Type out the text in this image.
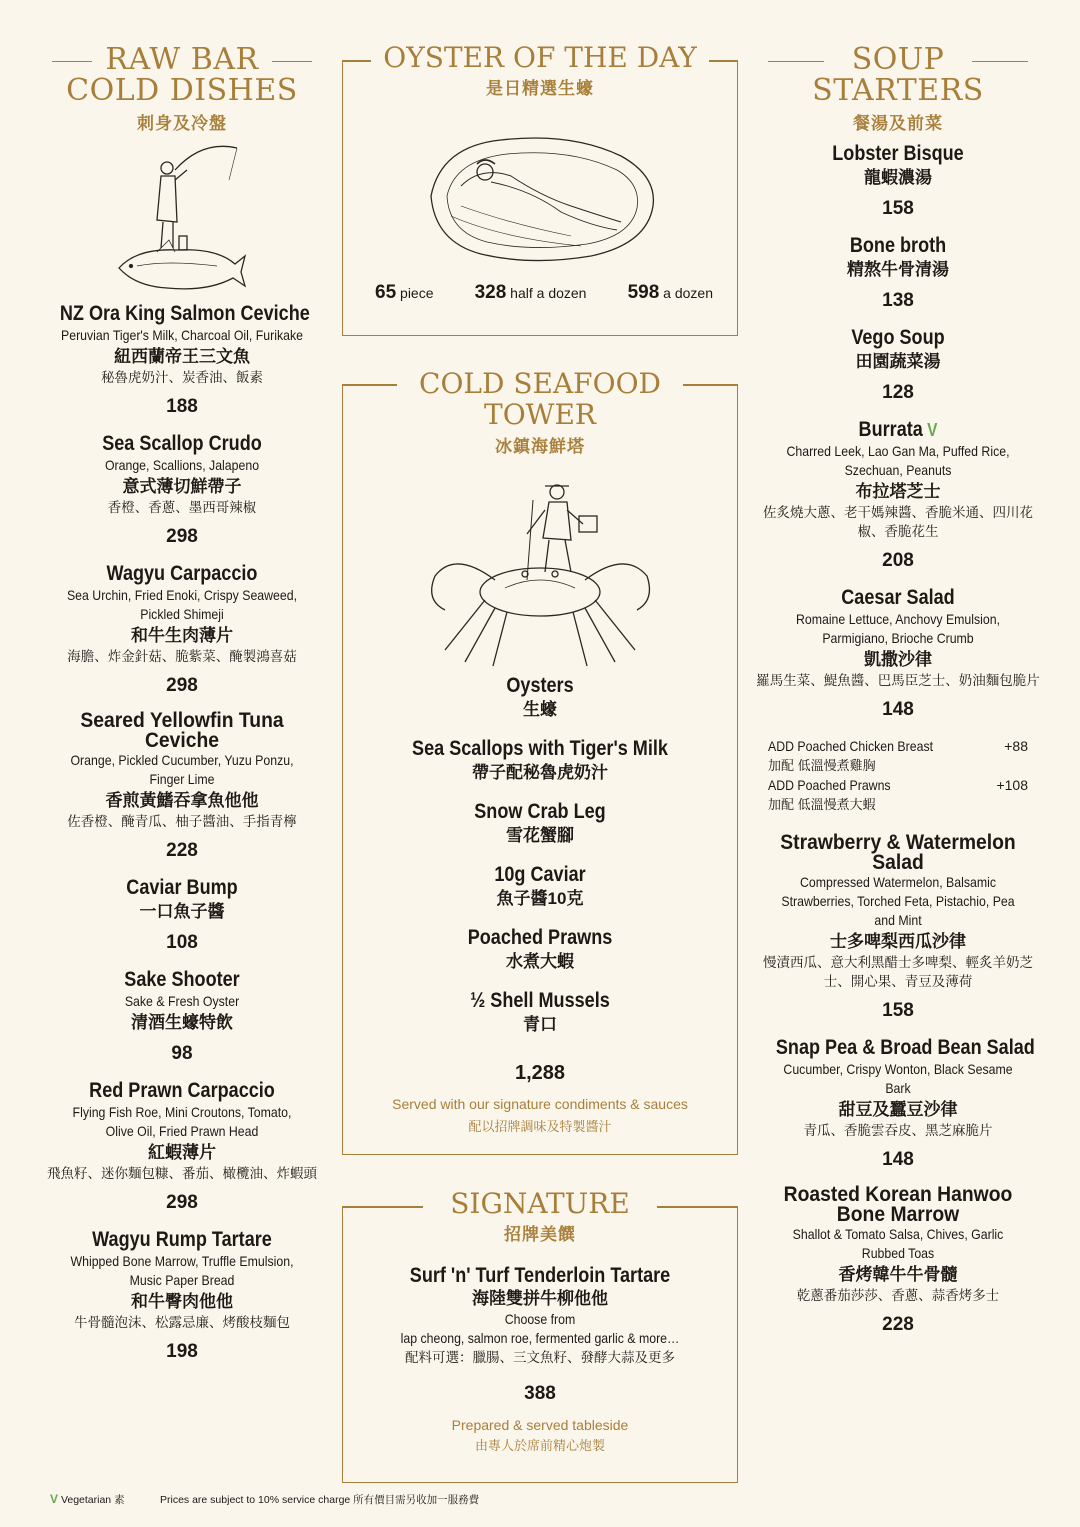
RAW BAR
COLD DISHES
刺身及冷盤
NZ Ora King Salmon Ceviche
Peruvian Tiger's Milk, Charcoal Oil, Furikake
紐西蘭帝王三文魚
秘魯虎奶汁、炭香油、飯素
188
Sea Scallop Crudo
Orange, Scallions, Jalapeno
意式薄切鮮帶子
香橙、香蔥、墨西哥辣椒
298
Wagyu Carpaccio
Sea Urchin, Fried Enoki, Crispy Seaweed, Pickled Shimeji
和牛生肉薄片
海膽、炸金針菇、脆紫菜、醃製鴻喜菇
298
Seared Yellowfin Tuna Ceviche
Orange, Pickled Cucumber, Yuzu Ponzu, Finger Lime
香煎黃鰭吞拿魚他他
佐香橙、醃青瓜、柚子醬油、手指青檸
228
Caviar Bump
一口魚子醬
108
Sake Shooter
Sake & Fresh Oyster
清酒生蠔特飲
98
Red Prawn Carpaccio
Flying Fish Roe, Mini Croutons, Tomato, Olive Oil, Fried Prawn Head
紅蝦薄片
飛魚籽、迷你麵包糠、番茄、橄欖油、炸蝦頭
298
Wagyu Rump Tartare
Whipped Bone Marrow, Truffle Emulsion, Music Paper Bread
和牛臀肉他他
牛骨髓泡沫、松露忌廉、烤酸枝麵包
198
OYSTER OF THE DAY
是日精選生蠔
65 piece 328 half a dozen 598 a dozen
COLD SEAFOOD
TOWER
冰鎮海鮮塔
Oysters
生蠔
Sea Scallops with Tiger's Milk
帶子配秘魯虎奶汁
Snow Crab Leg
雪花蟹腳
10g Caviar
魚子醬10克
Poached Prawns
水煮大蝦
½ Shell Mussels
青口
1,288
Served with our signature condiments & sauces
配以招牌調味及特製醬汁
SIGNATURE
招牌美饌
Surf 'n' Turf Tenderloin Tartare
海陸雙拼牛柳他他
Choose from
lap cheong, salmon roe, fermented garlic & more…
配料可選：臘腸、三文魚籽、發酵大蒜及更多
388
Prepared & served tableside
由專人於席前精心炮製
SOUP
STARTERS
餐湯及前菜
Lobster Bisque
龍蝦濃湯
158
Bone broth
精熬牛骨清湯
138
Vego Soup
田園蔬菜湯
128
Burrata V
Charred Leek, Lao Gan Ma, Puffed Rice, Szechuan, Peanuts
布拉塔芝士
佐炙燒大蔥、老干媽辣醬、香脆米通、四川花椒、香脆花生
208
Caesar Salad
Romaine Lettuce, Anchovy Emulsion, Parmigiano, Brioche Crumb
凱撒沙律
羅馬生菜、鯷魚醬、巴馬臣芝士、奶油麵包脆片
148
ADD Poached Chicken Breast	+88
加配 低溫慢煮雞胸
ADD Poached Prawns	+108
加配 低溫慢煮大蝦
Strawberry & Watermelon Salad
Compressed Watermelon, Balsamic Strawberries, Torched Feta, Pistachio, Pea and Mint
士多啤梨西瓜沙律
慢漬西瓜、意大利黑醋士多啤梨、輕炙羊奶芝士、開心果、青豆及薄荷
158
Snap Pea & Broad Bean Salad
Cucumber, Crispy Wonton, Black Sesame Bark
甜豆及蠶豆沙律
青瓜、香脆雲吞皮、黑芝麻脆片
148
Roasted Korean Hanwoo Bone Marrow
Shallot & Tomato Salsa, Chives, Garlic Rubbed Toas
香烤韓牛牛骨髓
乾蔥番茄莎莎、香蔥、蒜香烤多士
228
V Vegetarian 素	Prices are subject to 10% service charge 所有價目需另收加一服務費
